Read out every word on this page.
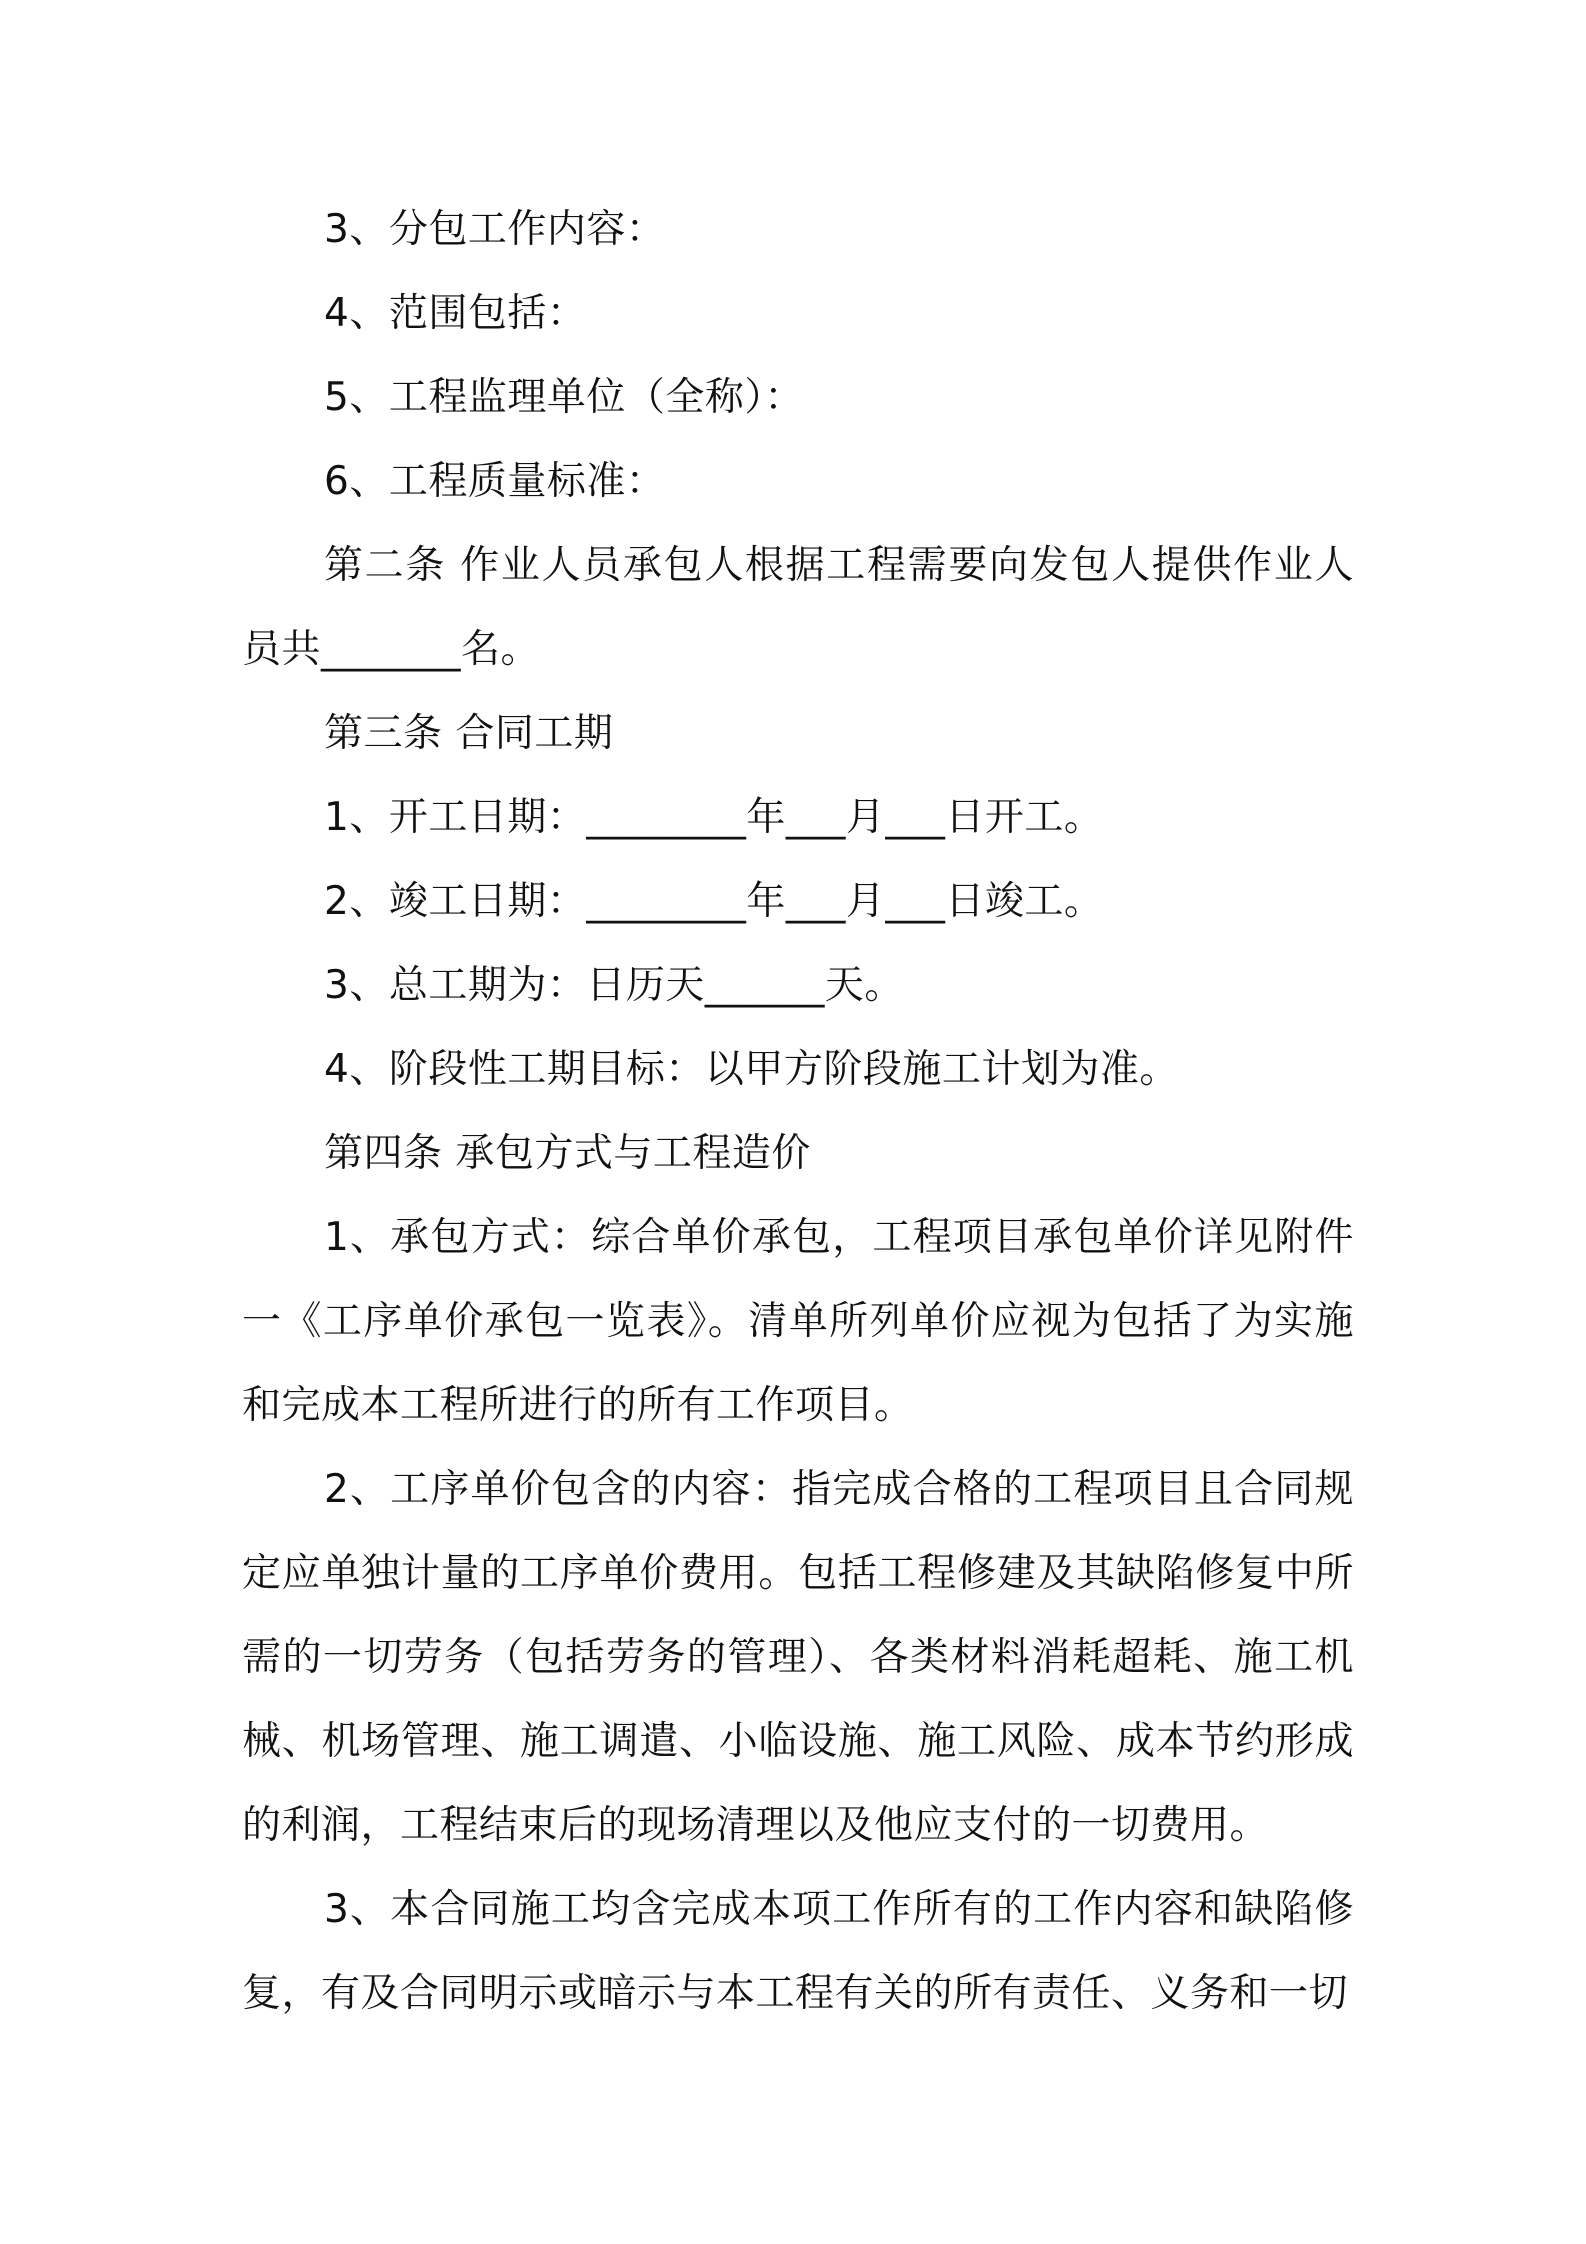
3、分包工作内容：

4、范围包括：

5、工程监理单位（全称）：

6、工程质量标准：

第二条 作业人员承包人根据工程需要向发包人提供作业人员共_______名。

第三条 合同工期

1、开工日期：________年___月___日开工。

2、竣工日期：________年___月___日竣工。

3、总工期为：日历天______天。

4、阶段性工期目标：以甲方阶段施工计划为准。

第四条 承包方式与工程造价

1、承包方式：综合单价承包，工程项目承包单价详见附件一《工序单价承包一览表》。清单所列单价应视为包括了为实施和完成本工程所进行的所有工作项目。

2、工序单价包含的内容：指完成合格的工程项目且合同规定应单独计量的工序单价费用。包括工程修建及其缺陷修复中所需的一切劳务（包括劳务的管理）、各类材料消耗超耗、施工机械、机场管理、施工调遣、小临设施、施工风险、成本节约形成的利润，工程结束后的现场清理以及他应支付的一切费用。

3、本合同施工均含完成本项工作所有的工作内容和缺陷修复，有及合同明示或暗示与本工程有关的所有责任、义务和一切
